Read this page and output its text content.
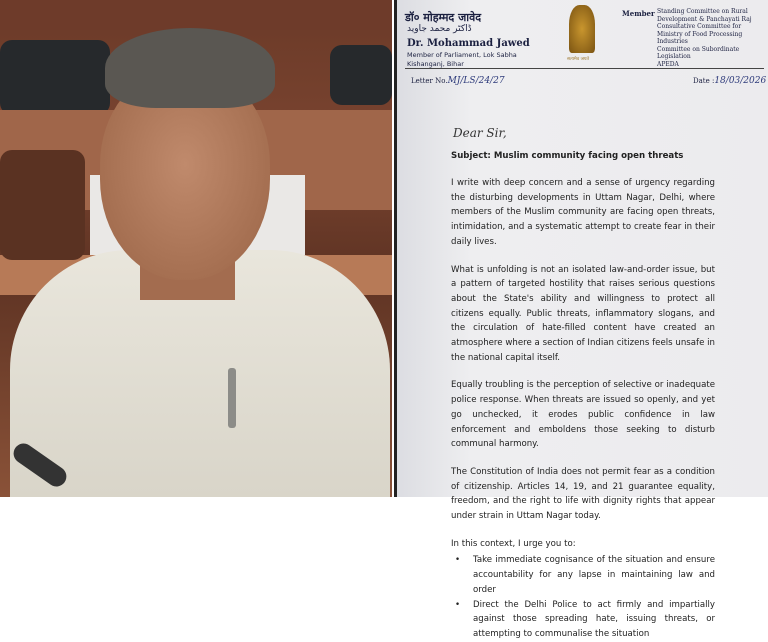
डॉ० मोहम्मद जावेद
ڈاکٹر محمد جاوید
Dr. Mohammad Jawed
Member of Parliament, Lok Sabha
Kishanganj, Bihar
सत्यमेव जयते
Member Standing Committee on Rural Development & Panchayati Raj
Consultative Committee for Ministry of Food Processing Industries
Committee on Subordinate Legislation
APEDA
Letter No.MJ/LS/24/27	Date :18/03/2026
Dear Sir,
Subject: Muslim community facing open threats

I write with deep concern and a sense of urgency regarding the disturbing developments in Uttam Nagar, Delhi, where members of the Muslim community are facing open threats, intimidation, and a systematic attempt to create fear in their daily lives.

What is unfolding is not an isolated law-and-order issue, but a pattern of targeted hostility that raises serious questions about the State's ability and willingness to protect all citizens equally. Public threats, inflammatory slogans, and the circulation of hate-filled content have created an atmosphere where a section of Indian citizens feels unsafe in the national capital itself.

Equally troubling is the perception of selective or inadequate police response. When threats are issued so openly, and yet go unchecked, it erodes public confidence in law enforcement and emboldens those seeking to disturb communal harmony.

The Constitution of India does not permit fear as a condition of citizenship. Articles 14, 19, and 21 guarantee equality, freedom, and the right to life with dignity rights that appear under strain in Uttam Nagar today.

In this context, I urge you to:
• Take immediate cognisance of the situation and ensure accountability for any lapse in maintaining law and order
• Direct the Delhi Police to act firmly and impartially against those spreading hate, issuing threats, or attempting to communalise the situation
